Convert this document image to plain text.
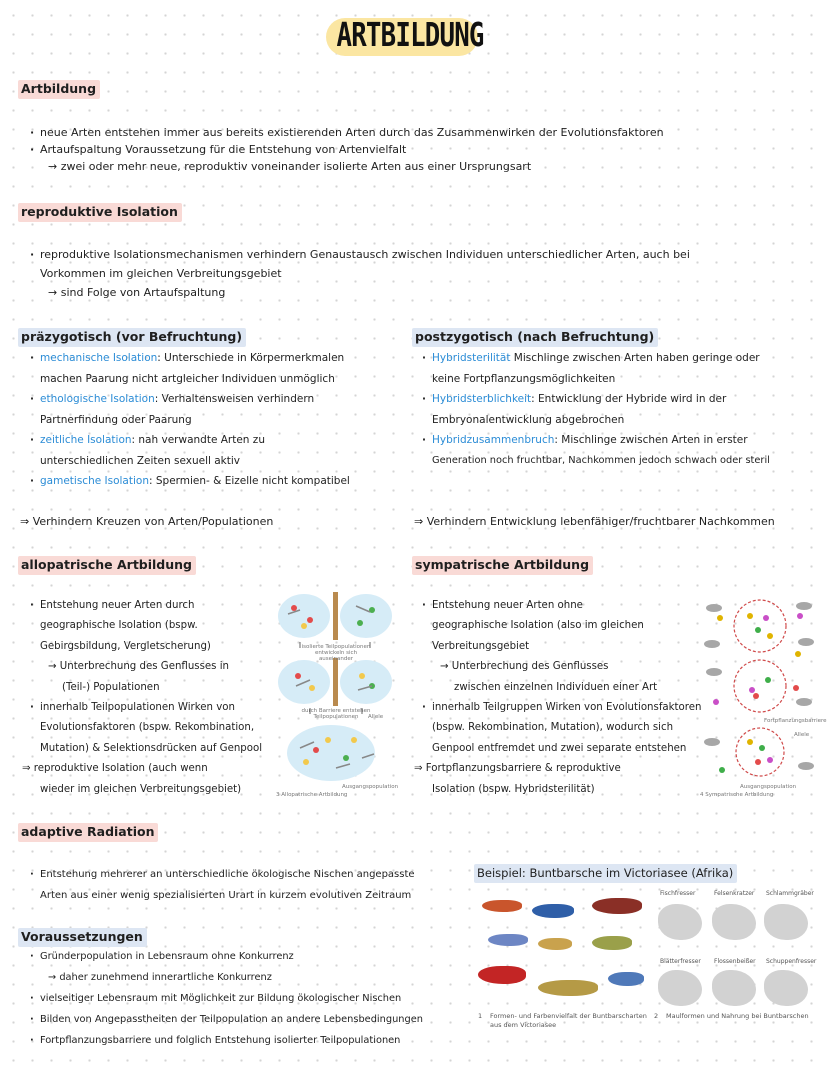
ARTBILDUNG
Artbildung

· neue Arten entstehen immer aus bereits existierenden Arten durch das Zusammenwirken der Evolutionsfaktoren

· Artaufspaltung Voraussetzung für die Entstehung von Artenvielfalt

→ zwei oder mehr neue, reproduktiv voneinander isolierte Arten aus einer Ursprungsart

reproduktive Isolation

· reproduktive Isolationsmechanismen verhindern Genaustausch zwischen Individuen unterschiedlicher Arten, auch bei

Vorkommen im gleichen Verbreitungsgebiet

→ sind Folge von Artaufspaltung

präzygotisch (vor Befruchtung)

· mechanische Isolation: Unterschiede in Körpermerkmalen

machen Paarung nicht artgleicher Individuen unmöglich

· ethologische Isolation: Verhaltensweisen verhindern

Partnerfindung oder Paarung

· zeitliche Isolation: nah verwandte Arten zu

unterschiedlichen Zeiten sexuell aktiv

· gametische Isolation: Spermien- & Eizelle nicht kompatibel

⇒ Verhindern Kreuzen von Arten/Populationen
postzygotisch (nach Befruchtung)

· Hybridsterilität Mischlinge zwischen Arten haben geringe oder

keine Fortpflanzungsmöglichkeiten

· Hybridsterblichkeit: Entwicklung der Hybride wird in der

Embryonalentwicklung abgebrochen

· Hybridzusammenbruch: Mischlinge zwischen Arten in erster

Generation noch fruchtbar, Nachkommen jedoch schwach oder steril

⇒ Verhindern Entwicklung lebenfähiger/fruchtbarer Nachkommen
allopatrische Artbildung

· Entstehung neuer Arten durch

geographische Isolation (bspw.

Gebirgsbildung, Vergletscherung)

→ Unterbrechung des Genflusses in

(Teil-) Populationen

· innerhalb Teilpopulationen Wirken von

Evolutionsfaktoren (bspw. Rekombination,

Mutation) & Selektionsdrücken auf Genpool

⇒ reproduktive Isolation (auch wenn

wieder im gleichen Verbreitungsgebiet)

isolierte Teilpopulationen entwickeln sich auseinander
durch Barriere entstehen Teilpopulationen	Allele
Ausgangspopulation
3 Allopatrische Artbildung
sympatrische Artbildung

· Entstehung neuer Arten ohne

geographische Isolation (also im gleichen

Verbreitungsgebiet

→ Unterbrechung des Genflusses

zwischen einzelnen Individuen einer Art

· innerhalb Teilgruppen Wirken von Evolutionsfaktoren

(bspw. Rekombination, Mutation), wodurch sich

Genpool entfremdet und zwei separate entstehen

⇒ Fortpflanzungsbarriere & reproduktive

Isolation (bspw. Hybridsterilität)

Fortpflanzungsbarriere
Allele
Ausgangspopulation
4 Sympatrische Artbildung
adaptive Radiation

· Entstehung mehrerer an unterschiedliche ökologische Nischen angepasste

Arten aus einer wenig spezialisierten Urart in kurzem evolutiven Zeitraum

Voraussetzungen

· Gründerpopulation in Lebensraum ohne Konkurrenz

→ daher zunehmend innerartliche Konkurrenz

· vielseitiger Lebensraum mit Möglichkeit zur Bildung ökologischer Nischen

· Bilden von Angepasstheiten der Teilpopulation an andere Lebensbedingungen

· Fortpflanzungsbarriere und folglich Entstehung isolierter Teilpopulationen

Beispiel: Buntbarsche im Victoriasee (Afrika)
1 Formen- und Farbenvielfalt der Buntbarscharten aus dem Victoriasee
Fischfresser	Felsenkratzer Schlammgräber
Blätterfresser Flossenbeißer Schuppenfresser
2 Maulformen und Nahrung bei Buntbarschen
